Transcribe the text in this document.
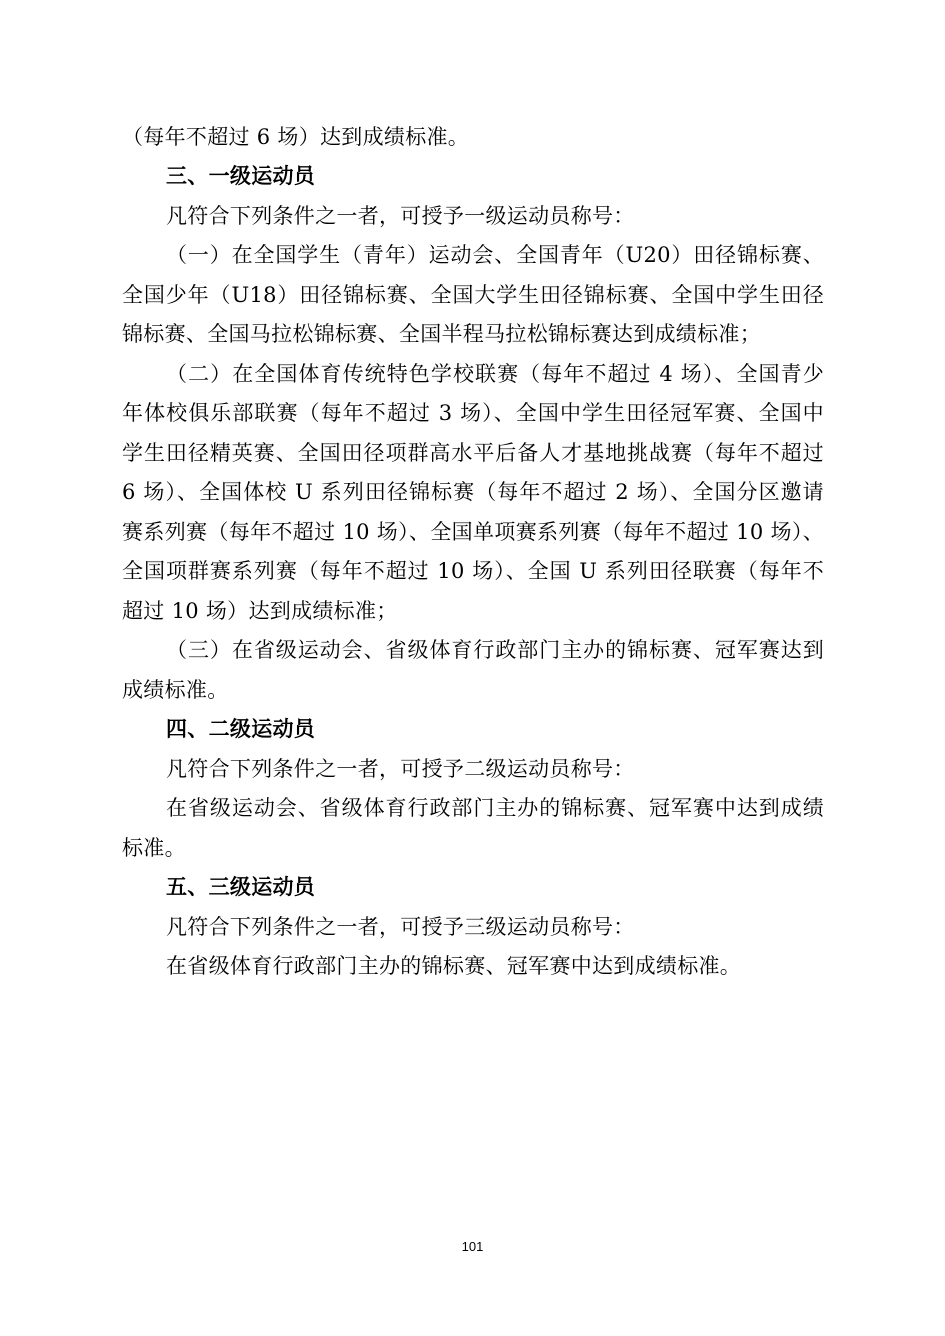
（每年不超过 6 场）达到成绩标准。
三、一级运动员
凡符合下列条件之一者，可授予一级运动员称号：
（一）在全国学生（青年）运动会、全国青年（U20）田径锦标赛、
全国少年（U18）田径锦标赛、全国大学生田径锦标赛、全国中学生田径
锦标赛、全国马拉松锦标赛、全国半程马拉松锦标赛达到成绩标准；
（二）在全国体育传统特色学校联赛（每年不超过 4 场）、全国青少
年体校俱乐部联赛（每年不超过 3 场）、全国中学生田径冠军赛、全国中
学生田径精英赛、全国田径项群高水平后备人才基地挑战赛（每年不超过
6 场）、全国体校 U 系列田径锦标赛（每年不超过 2 场）、全国分区邀请
赛系列赛（每年不超过 10 场）、全国单项赛系列赛（每年不超过 10 场）、
全国项群赛系列赛（每年不超过 10 场）、全国 U 系列田径联赛（每年不
超过 10 场）达到成绩标准；
（三）在省级运动会、省级体育行政部门主办的锦标赛、冠军赛达到
成绩标准。
四、二级运动员
凡符合下列条件之一者，可授予二级运动员称号：
在省级运动会、省级体育行政部门主办的锦标赛、冠军赛中达到成绩
标准。
五、三级运动员
凡符合下列条件之一者，可授予三级运动员称号：
在省级体育行政部门主办的锦标赛、冠军赛中达到成绩标准。
101
